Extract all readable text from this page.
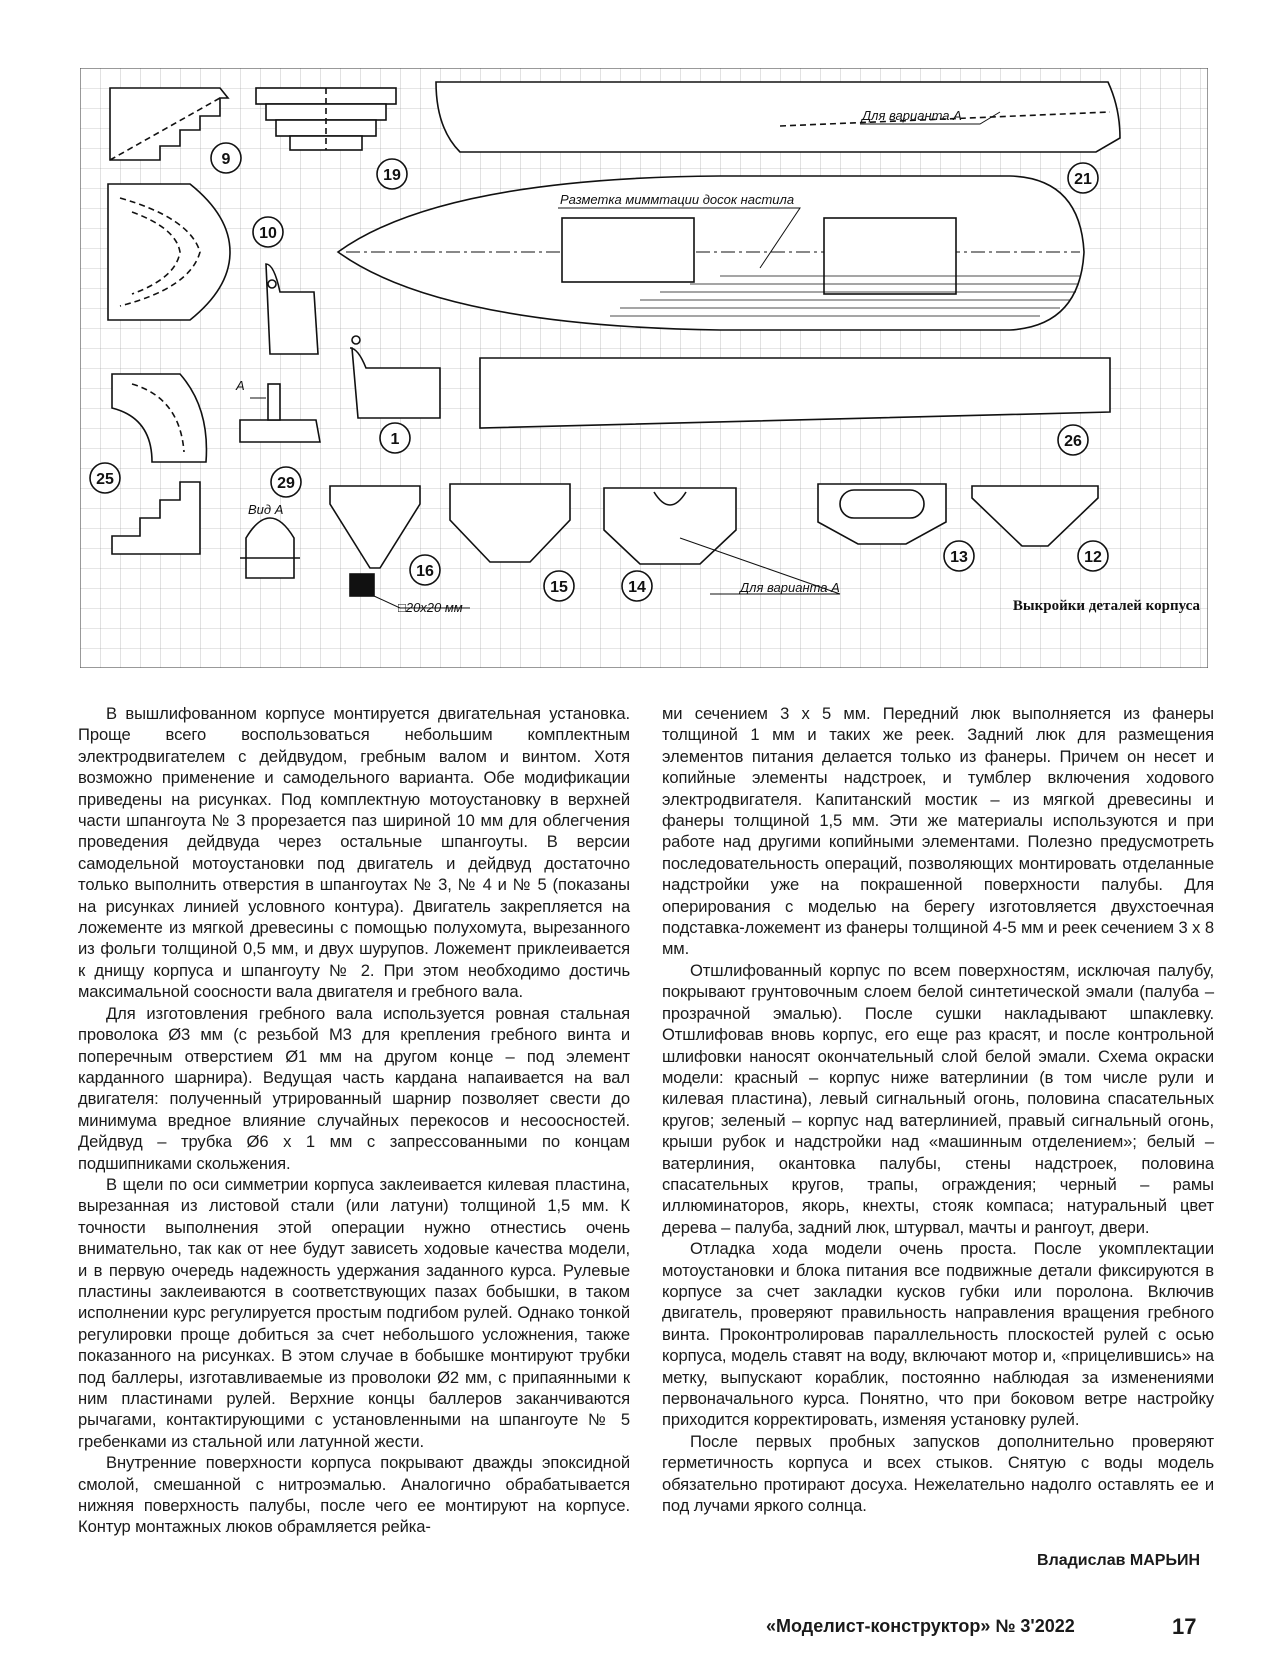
Для варианта А
Разметка миммтации досок настила
А
Вид А
□20х20 мм
Для варианта А
9
19	21
10
1	26
25	29
16
15	14
13	12
Выкройки деталей корпуса

В вышлифованном корпусе монтируется двигательная установка. Проще всего воспользоваться небольшим комплектным электродвигателем с дейдвудом, гребным валом и винтом. Хотя возможно применение и самодельного варианта. Обе модификации приведены на рисунках. Под комплектную мотоустановку в верхней части шпангоута № 3 прорезается паз шириной 10 мм для облегчения проведения дейдвуда через остальные шпангоуты. В версии самодельной мотоустановки под двигатель и дейдвуд достаточно только выполнить отверстия в шпангоутах № 3, № 4 и № 5 (показаны на рисунках линией условного контура). Двигатель закрепляется на ложементе из мягкой древесины с помощью полухомута, вырезанного из фольги толщиной 0,5 мм, и двух шурупов. Ложемент приклеивается к днищу корпуса и шпангоуту № 2. При этом необходимо достичь максимальной соосности вала двигателя и гребного вала.

Для изготовления гребного вала используется ровная стальная проволока Ø3 мм (с резьбой М3 для крепления гребного винта и поперечным отверстием Ø1 мм на другом конце – под элемент карданного шарнира). Ведущая часть кардана напаивается на вал двигателя: полученный утрированный шарнир позволяет свести до минимума вредное влияние случайных перекосов и несоосностей. Дейдвуд – трубка Ø6 х 1 мм с запрессованными по концам подшипниками скольжения.

В щели по оси симметрии корпуса заклеивается килевая пластина, вырезанная из листовой стали (или латуни) толщиной 1,5 мм. К точности выполнения этой операции нужно отнестись очень внимательно, так как от нее будут зависеть ходовые качества модели, и в первую очередь надежность удержания заданного курса. Рулевые пластины заклеиваются в соответствующих пазах бобышки, в таком исполнении курс регулируется простым подгибом рулей. Однако тонкой регулировки проще добиться за счет небольшого усложнения, также показанного на рисунках. В этом случае в бобышке монтируют трубки под баллеры, изготавливаемые из проволоки Ø2 мм, с припаянными к ним пластинами рулей. Верхние концы баллеров заканчиваются рычагами, контактирующими с установленными на шпангоуте № 5 гребенками из стальной или латунной жести.

Внутренние поверхности корпуса покрывают дважды эпоксидной смолой, смешанной с нитроэмалью. Аналогично обрабатывается нижняя поверхность палубы, после чего ее монтируют на корпусе. Контур монтажных люков обрамляется рейка-

ми сечением 3 х 5 мм. Передний люк выполняется из фанеры толщиной 1 мм и таких же реек. Задний люк для размещения элементов питания делается только из фанеры. Причем он несет и копийные элементы надстроек, и тумблер включения ходового электродвигателя. Капитанский мостик – из мягкой древесины и фанеры толщиной 1,5 мм. Эти же материалы используются и при работе над другими копийными элементами. Полезно предусмотреть последовательность операций, позволяющих монтировать отделанные надстройки уже на покрашенной поверхности палубы. Для оперирования с моделью на берегу изготовляется двухстоечная подставка-ложемент из фанеры толщиной 4-5 мм и реек сечением 3 х 8 мм.

Отшлифованный корпус по всем поверхностям, исключая палубу, покрывают грунтовочным слоем белой синтетической эмали (палуба – прозрачной эмалью). После сушки накладывают шпаклевку. Отшлифовав вновь корпус, его еще раз красят, и после контрольной шлифовки наносят окончательный слой белой эмали. Схема окраски модели: красный – корпус ниже ватерлинии (в том числе рули и килевая пластина), левый сигнальный огонь, половина спасательных кругов; зеленый – корпус над ватерлинией, правый сигнальный огонь, крыши рубок и надстройки над «машинным отделением»; белый – ватерлиния, окантовка палубы, стены надстроек, половина спасательных кругов, трапы, ограждения; черный – рамы иллюминаторов, якорь, кнехты, стояк компаса; натуральный цвет дерева – палуба, задний люк, штурвал, мачты и рангоут, двери.

Отладка хода модели очень проста. После укомплектации мотоустановки и блока питания все подвижные детали фиксируются в корпусе за счет закладки кусков губки или поролона. Включив двигатель, проверяют правильность направления вращения гребного винта. Проконтролировав параллельность плоскостей рулей с осью корпуса, модель ставят на воду, включают мотор и, «прицелившись» на метку, выпускают кораблик, постоянно наблюдая за изменениями первоначального курса. Понятно, что при боковом ветре настройку приходится корректировать, изменяя установку рулей.

После первых пробных запусков дополнительно проверяют герметичность корпуса и всех стыков. Снятую с воды модель обязательно протирают досуха. Нежелательно надолго оставлять ее и под лучами яркого солнца.

Владислав МАРЬИН
«Моделист-конструктор» № 3'2022	17
